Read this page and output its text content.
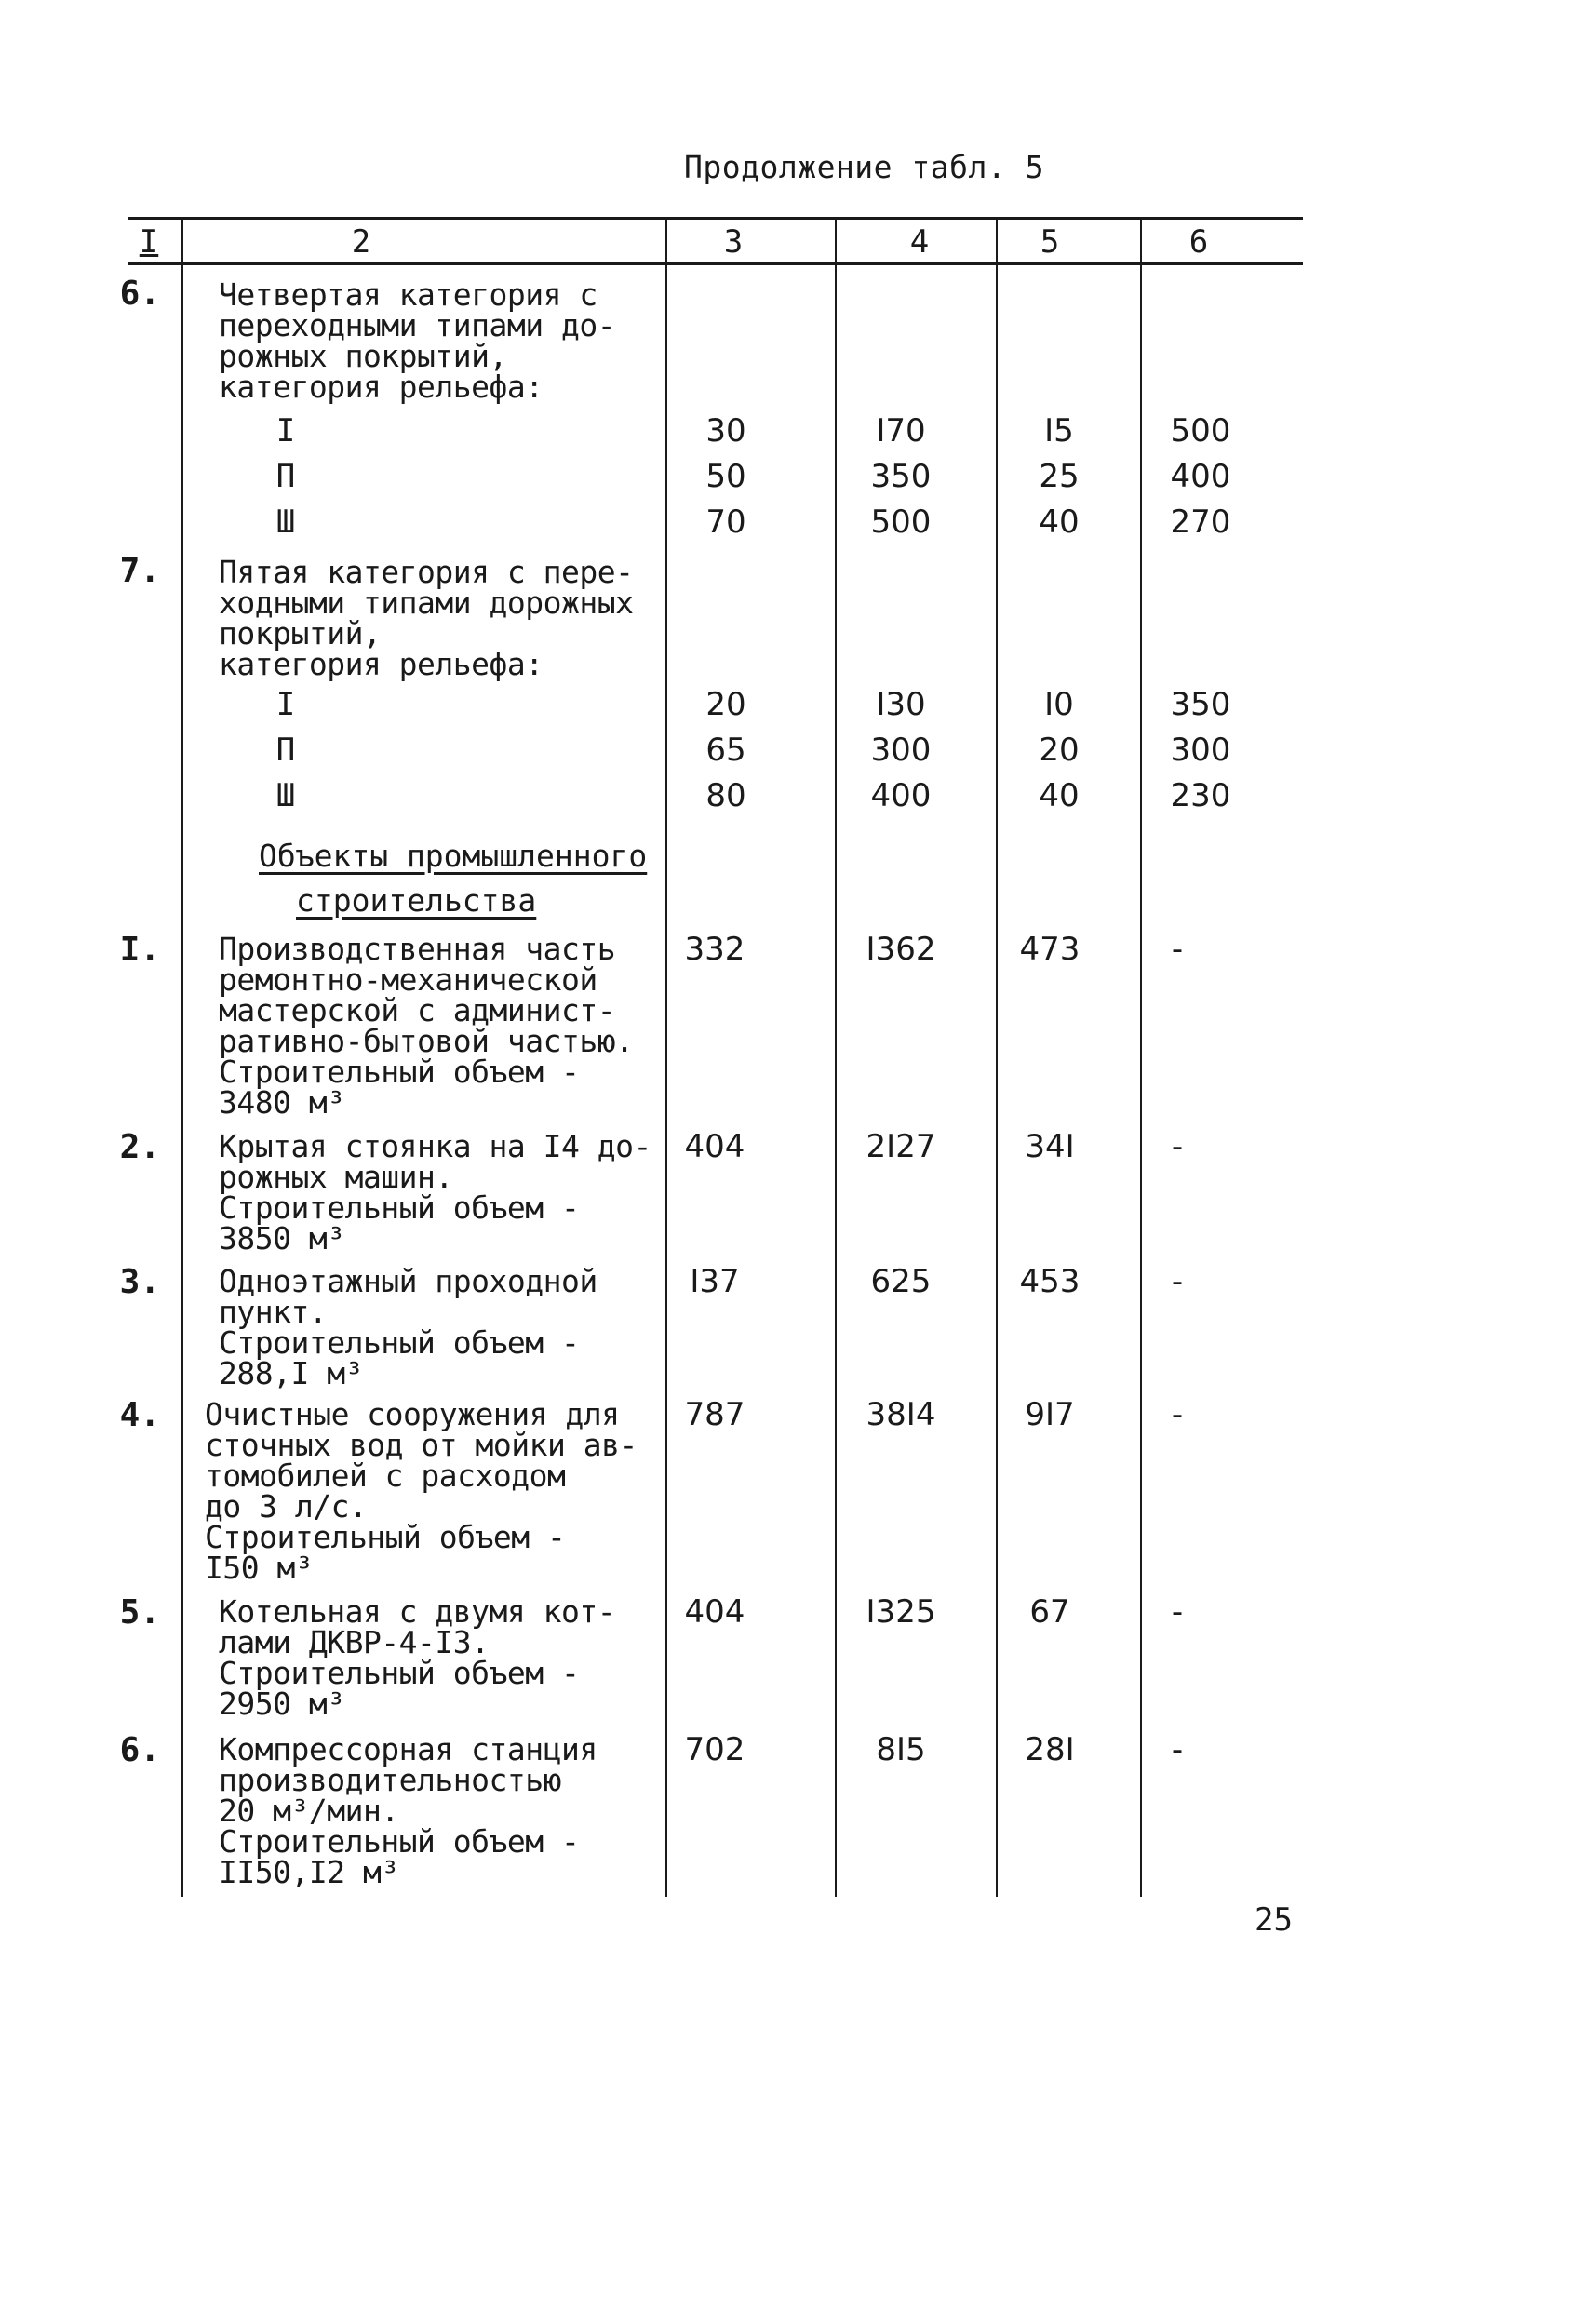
Продолжение табл. 5
I	2	3	4	5	6
6. Четвертая категория с
переходными типами до-
рожных покрытий,
категория рельефа:
I	30	I70	I5	500
П	50	350	25	400
Ш	70	500	40	270
7. Пятая категория с пере-
ходными типами дорожных
покрытий,
категория рельефа:
I	20	I30	I0	350
П	65	300	20	300
Ш	80	400	40	230
Объекты промышленного
строительства
I. Производственная часть
ремонтно-механической
мастерской с админист-
ративно-бытовой частью.
Строительный объем -
3480 м³
332	I362	473	-
2. Крытая стоянка на I4 до-
рожных машин.
Строительный объем -
3850 м³
404	2I27	34I	-
3. Одноэтажный проходной
пункт.
Строительный объем -
288,I м³
I37	625	453	-
4. Очистные сооружения для
сточных вод от мойки ав-
томобилей с расходом
до 3 л/с.
Строительный объем -
I50 м³
787	38I4	9I7	-
5. Котельная с двумя кот-
лами ДКВР-4-I3.
Строительный объем -
2950 м³
404	I325	67	-
6. Компрессорная станция
производительностью
20 м³/мин.
Строительный объем -
II50,I2 м³
702	8I5	28I	-
25
